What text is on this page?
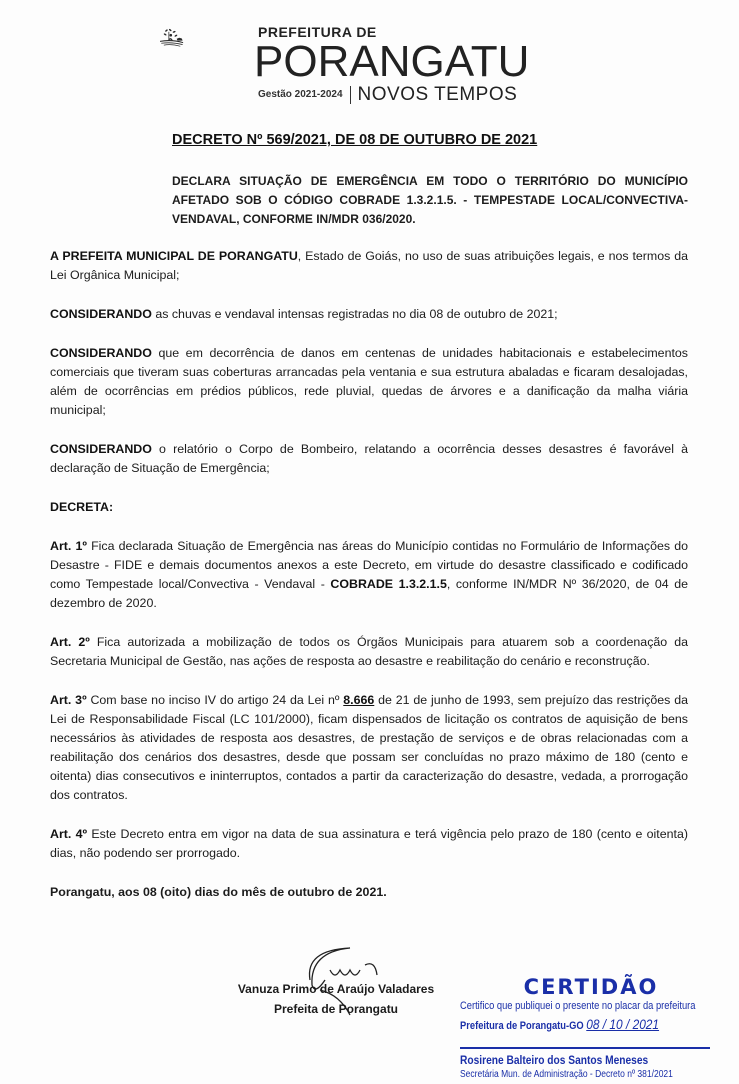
PREFEITURA DE
PORANGATU
Gestão 2021-2024 NOVOS TEMPOS
DECRETO Nº 569/2021, DE 08 DE OUTUBRO DE 2021
DECLARA SITUAÇÃO DE EMERGÊNCIA EM TODO O TERRITÓRIO DO MUNICÍPIO AFETADO SOB O CÓDIGO COBRADE 1.3.2.1.5. - TEMPESTADE LOCAL/CONVECTIVA-VENDAVAL, CONFORME IN/MDR 036/2020.
A PREFEITA MUNICIPAL DE PORANGATU, Estado de Goiás, no uso de suas atribuições legais, e nos termos da Lei Orgânica Municipal;
CONSIDERANDO as chuvas e vendaval intensas registradas no dia 08 de outubro de 2021;
CONSIDERANDO que em decorrência de danos em centenas de unidades habitacionais e estabelecimentos comerciais que tiveram suas coberturas arrancadas pela ventania e sua estrutura abaladas e ficaram desalojadas, além de ocorrências em prédios públicos, rede pluvial, quedas de árvores e a danificação da malha viária municipal;
CONSIDERANDO o relatório o Corpo de Bombeiro, relatando a ocorrência desses desastres é favorável à declaração de Situação de Emergência;
DECRETA:
Art. 1º Fica declarada Situação de Emergência nas áreas do Município contidas no Formulário de Informações do Desastre - FIDE e demais documentos anexos a este Decreto, em virtude do desastre classificado e codificado como Tempestade local/Convectiva - Vendaval - COBRADE 1.3.2.1.5, conforme IN/MDR Nº 36/2020, de 04 de dezembro de 2020.
Art. 2º Fica autorizada a mobilização de todos os Órgãos Municipais para atuarem sob a coordenação da Secretaria Municipal de Gestão, nas ações de resposta ao desastre e reabilitação do cenário e reconstrução.
Art. 3º Com base no inciso IV do artigo 24 da Lei nº 8.666 de 21 de junho de 1993, sem prejuízo das restrições da Lei de Responsabilidade Fiscal (LC 101/2000), ficam dispensados de licitação os contratos de aquisição de bens necessários às atividades de resposta aos desastres, de prestação de serviços e de obras relacionadas com a reabilitação dos cenários dos desastres, desde que possam ser concluídas no prazo máximo de 180 (cento e oitenta) dias consecutivos e ininterruptos, contados a partir da caracterização do desastre, vedada, a prorrogação dos contratos.
Art. 4º Este Decreto entra em vigor na data de sua assinatura e terá vigência pelo prazo de 180 (cento e oitenta) dias, não podendo ser prorrogado.
Porangatu, aos 08 (oito) dias do mês de outubro de 2021.
Vanuza Primo de Araújo Valadares
Prefeita de Porangatu
CERTIDÃO
Certifico que publiquei o presente no placar da prefeitura
Prefeitura de Porangatu-GO 08 / 10 / 2021
Rosirene Balteiro dos Santos Meneses
Secretária Mun. de Administração - Decreto nº 381/2021
